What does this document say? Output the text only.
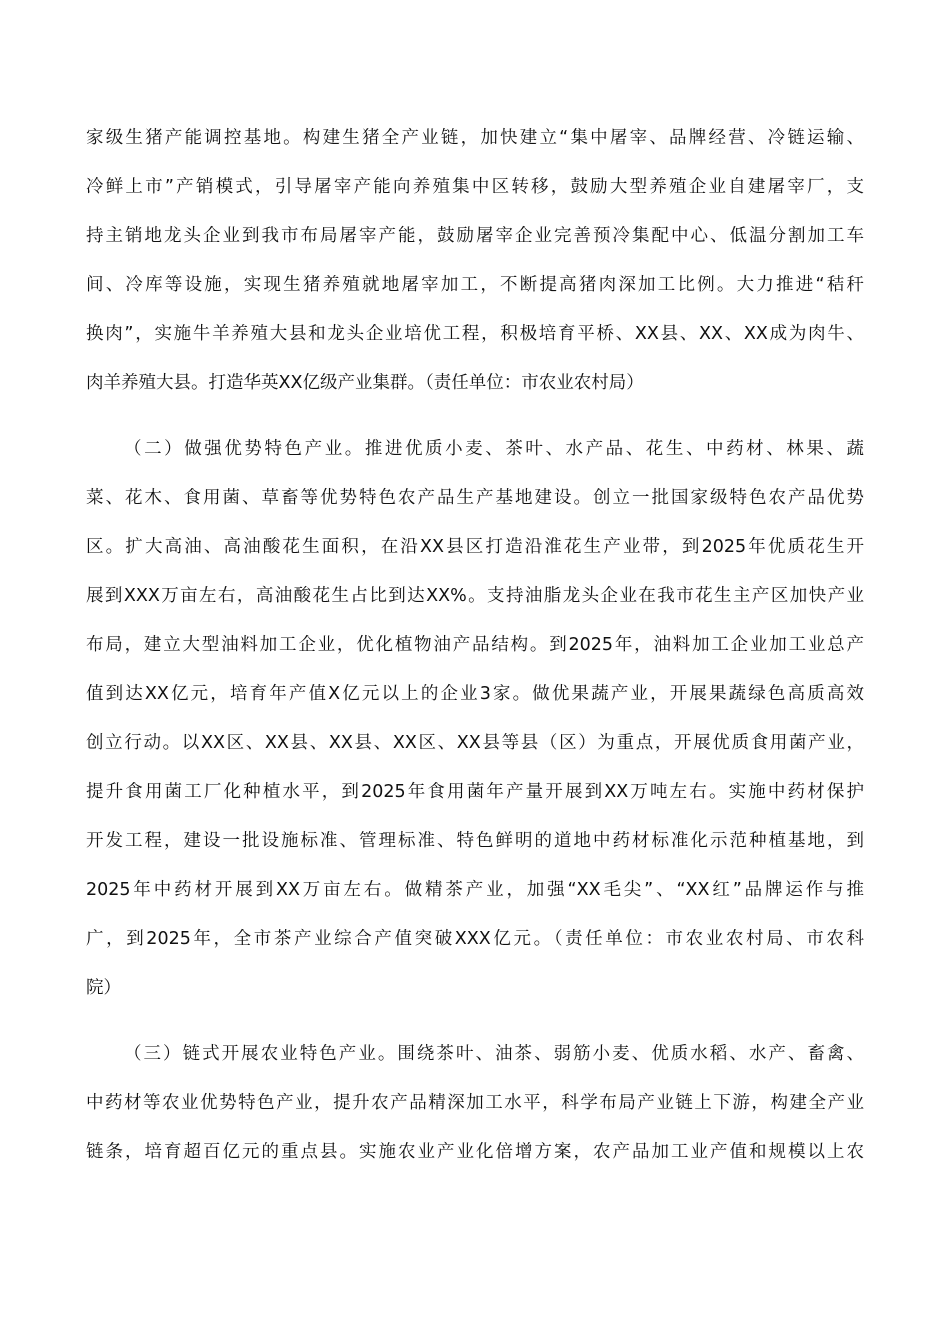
家级生猪产能调控基地。构建生猪全产业链，加快建立“集中屠宰、品牌经营、冷链运输、
冷鲜上市”产销模式，引导屠宰产能向养殖集中区转移，鼓励大型养殖企业自建屠宰厂，支
持主销地龙头企业到我市布局屠宰产能，鼓励屠宰企业完善预冷集配中心、低温分割加工车
间、冷库等设施，实现生猪养殖就地屠宰加工，不断提高猪肉深加工比例。大力推进“秸秆
换肉”，实施牛羊养殖大县和龙头企业培优工程，积极培育平桥、XX县、XX、XX成为肉牛、
肉羊养殖大县。打造华英XX亿级产业集群。（责任单位：市农业农村局）
（二）做强优势特色产业。推进优质小麦、茶叶、水产品、花生、中药材、林果、蔬
菜、花木、食用菌、草畜等优势特色农产品生产基地建设。创立一批国家级特色农产品优势
区。扩大高油、高油酸花生面积，在沿XX县区打造沿淮花生产业带，到2025年优质花生开
展到XXX万亩左右，高油酸花生占比到达XX%。支持油脂龙头企业在我市花生主产区加快产业
布局，建立大型油料加工企业，优化植物油产品结构。到2025年，油料加工企业加工业总产
值到达XX亿元，培育年产值X亿元以上的企业3家。做优果蔬产业，开展果蔬绿色高质高效
创立行动。以XX区、XX县、XX县、XX区、XX县等县（区）为重点，开展优质食用菌产业，
提升食用菌工厂化种植水平，到2025年食用菌年产量开展到XX万吨左右。实施中药材保护
开发工程，建设一批设施标准、管理标准、特色鲜明的道地中药材标准化示范种植基地，到
2025年中药材开展到XX万亩左右。做精茶产业，加强“XX毛尖”、“XX红”品牌运作与推
广，到2025年，全市茶产业综合产值突破XXX亿元。（责任单位：市农业农村局、市农科
院）
（三）链式开展农业特色产业。围绕茶叶、油茶、弱筋小麦、优质水稻、水产、畜禽、
中药材等农业优势特色产业，提升农产品精深加工水平，科学布局产业链上下游，构建全产业
链条，培育超百亿元的重点县。实施农业产业化倍增方案，农产品加工业产值和规模以上农
